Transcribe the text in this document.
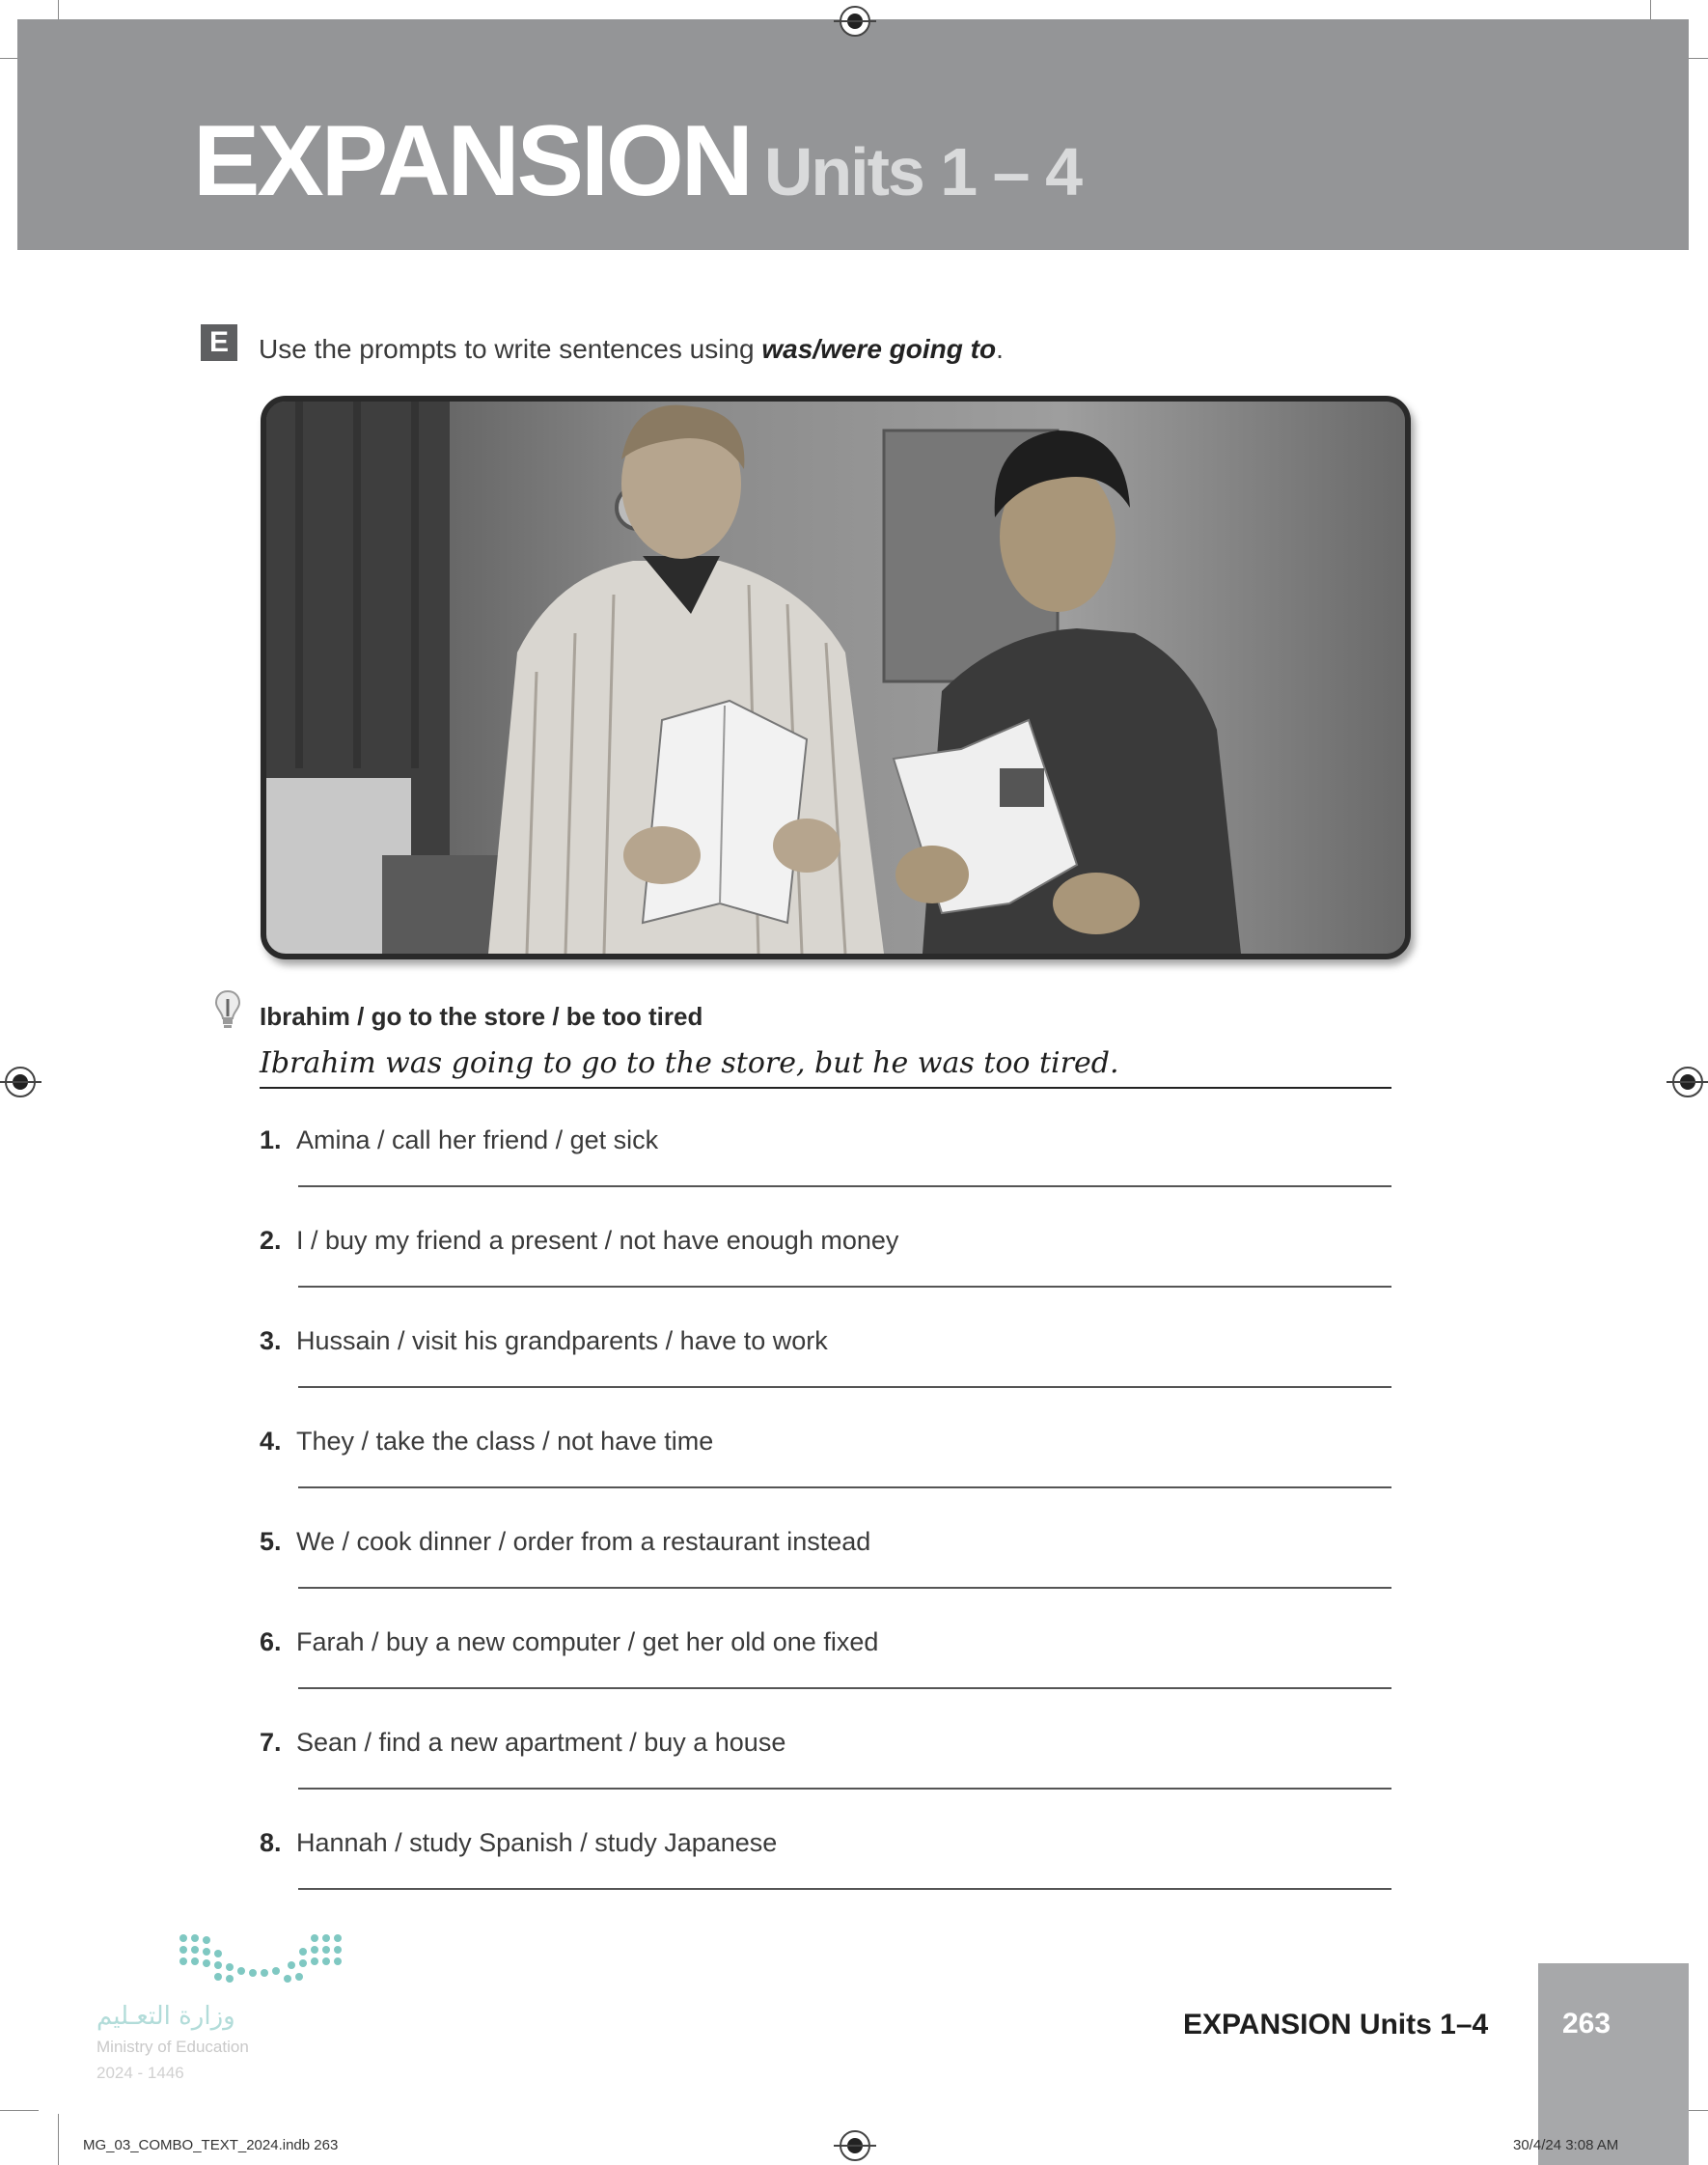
EXPANSION Units 1 – 4
E	Use the prompts to write sentences using was/were going to.
Ibrahim / go to the store / be too tired
Ibrahim was going to go to the store, but he was too tired.
1. Amina / call her friend / get sick
2. I / buy my friend a present / not have enough money
3. Hussain / visit his grandparents / have to work
4. They / take the class / not have time
5. We / cook dinner / order from a restaurant instead
6. Farah / buy a new computer / get her old one fixed
7. Sean / find a new apartment / buy a house
8. Hannah / study Spanish / study Japanese
وزارة التعـليم
Ministry of Education
2024 - 1446
EXPANSION Units 1–4	263
MG_03_COMBO_TEXT_2024.indb 263	30/4/24 3:08 AM
